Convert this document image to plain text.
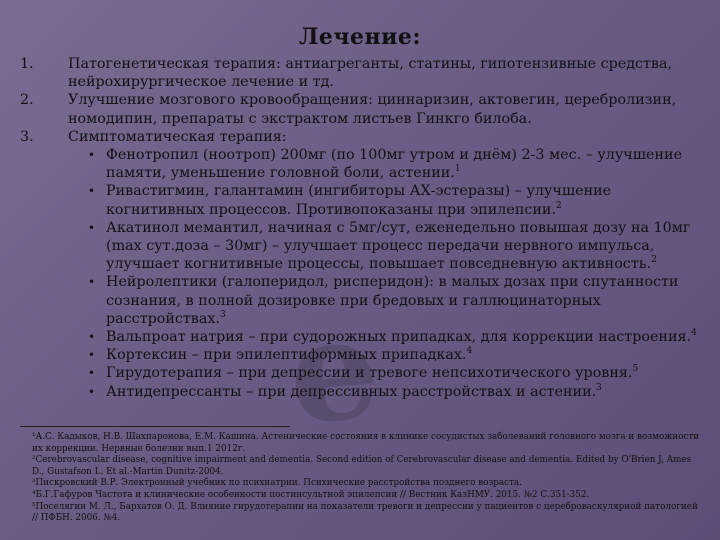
e
Лечение:
1. Патогенетическая терапия: антиагреганты, статины, гипотензивные средства, нейрохирургическое лечение и тд.
2. Улучшение мозгового кровообращения: циннаризин, актовегин, церебролизин, номодипин, препараты с экстрактом листьев Гинкго билоба.
3. Симптоматическая терапия:
• Фенотропил (ноотроп) 200мг (по 100мг утром и днём) 2-3 мес. – улучшение памяти, уменьшение головной боли, астении.$^1$
• Ривастигмин, галантамин (ингибиторы АХ-эстеразы) – улучшение когнитивных процессов. Противопоказаны при эпилепсии.$^2$
• Акатинол мемантил, начиная с 5мг/сут, еженедельно повышая дозу на 10мг (max сут.доза – 30мг) – улучшает процесс передачи нервного импульса, улучшает когнитивные процессы, повышает повседневную активность.$^2$
• Нейролептики (галоперидол, рисперидон): в малых дозах при спутанности сознания, в полной дозировке при бредовых и галлюцинаторных расстройствах.$^3$
• Вальпроат натрия – при судорожных припадках, для коррекции настроения.$^4$
• Кортексин – при эпилептиформных припадках.$^4$
• Гирудотерапия – при депрессии и тревоге непсихотического уровня.$^5$
• Антидепрессанты – при депрессивных расстройствах и астении.$^3$

¹А.С. Кадыков, Н.В. Шахпаронова, Е.М. Кашина. Астенические состояния в клинике сосудистых заболеваний головного мозга и возможности их коррекции. Нервные болезни вып.1 2012г.

²Cerebrovascular disease, cognitive impairment and dementia. Second edition of Cerebrovascular disease and dementia. Edited by O'Brien J, Ames D., Gustafson L. Et al.-Martin Dunitz-2004.

³Пискровский В.Р. Электронный учебник по психиатрии. Психические расстройства позднего возраста.

⁴Б.Г.Гафуров Частота и клинические особенности постинсультной эпилепсии // Вестник КазНМУ. 2015. №2 С.351-352.

⁵Поселягин М. Л., Бархатов О. Д. Влияние гирудотерапии на показатели тревоги и депрессии у пациентов с цереброваскулярной патологией // ПФБН. 2006. №4.
